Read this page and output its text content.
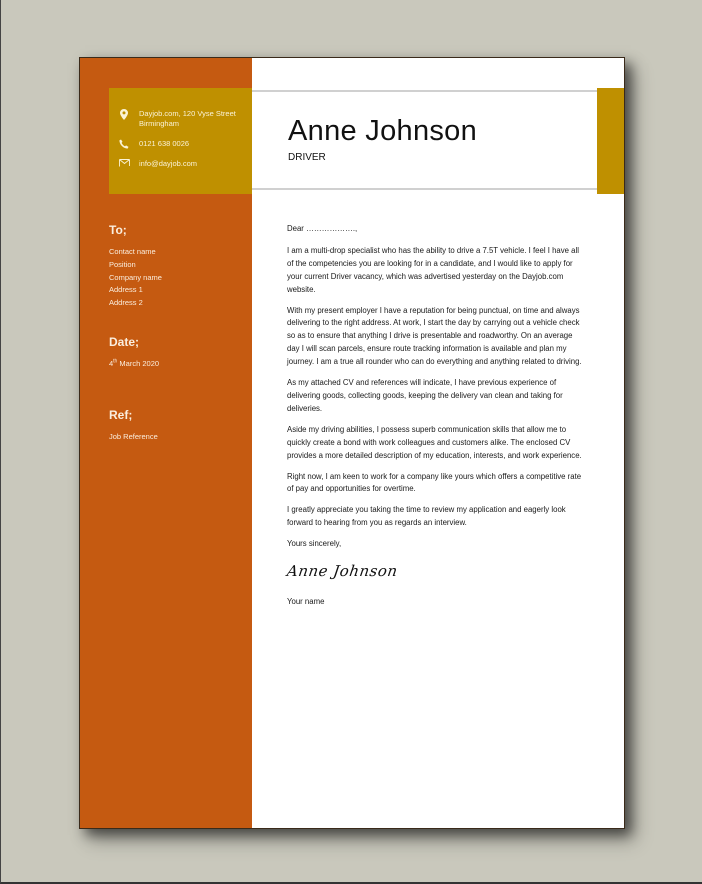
Dayjob.com, 120 Vyse Street Birmingham
0121 638 0026
info@dayjob.com
To;
Contact name
Position
Company name
Address 1
Address 2
Date;
4th March 2020
Ref;
Job Reference
Anne Johnson
DRIVER

Dear ……………….,

I am a multi-drop specialist who has the ability to drive a 7.5T vehicle. I feel I have all of the competencies you are looking for in a candidate, and I would like to apply for your current Driver vacancy, which was advertised yesterday on the Dayjob.com website.

With my present employer I have a reputation for being punctual, on time and always delivering to the right address. At work, I start the day by carrying out a vehicle check so as to ensure that anything I drive is presentable and roadworthy. On an average day I will scan parcels, ensure route tracking information is available and plan my journey. I am a true all rounder who can do everything and anything related to driving.

As my attached CV and references will indicate, I have previous experience of delivering goods, collecting goods, keeping the delivery van clean and taking for deliveries.

Aside my driving abilities, I possess superb communication skills that allow me to quickly create a bond with work colleagues and customers alike. The enclosed CV provides a more detailed description of my education, interests, and work experience.

Right now, I am keen to work for a company like yours which offers a competitive rate of pay and opportunities for overtime.

I greatly appreciate you taking the time to review my application and eagerly look forward to hearing from you as regards an interview.

Yours sincerely,

Anne Johnson

Your name
